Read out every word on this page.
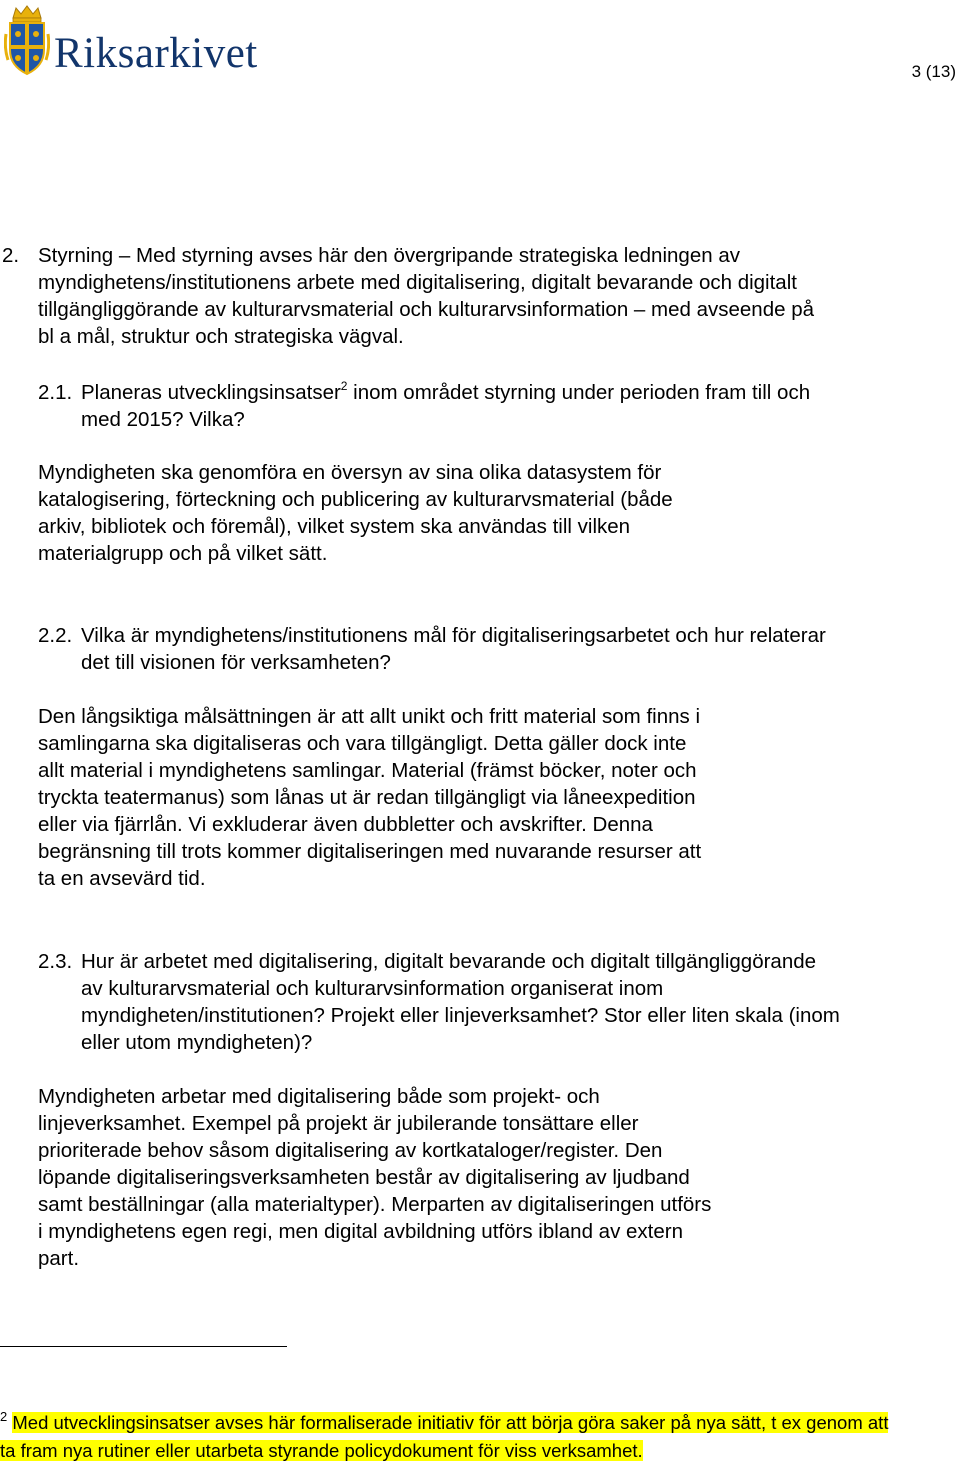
Riksarkivet	3 (13)
2. Styrning – Med styrning avses här den övergripande strategiska ledningen av
myndighetens/institutionens arbete med digitalisering, digitalt bevarande och digitalt
tillgängliggörande av kulturarvsmaterial och kulturarvsinformation – med avseende på
bl a mål, struktur och strategiska vägval.
2.1. Planeras utvecklingsinsatser$^2$ inom området styrning under perioden fram till och
med 2015? Vilka?
Myndigheten ska genomföra en översyn av sina olika datasystem för
katalogisering, förteckning och publicering av kulturarvsmaterial (både
arkiv, bibliotek och föremål), vilket system ska användas till vilken
materialgrupp och på vilket sätt.
2.2. Vilka är myndighetens/institutionens mål för digitaliseringsarbetet och hur relaterar
det till visionen för verksamheten?
Den långsiktiga målsättningen är att allt unikt och fritt material som finns i
samlingarna ska digitaliseras och vara tillgängligt. Detta gäller dock inte
allt material i myndighetens samlingar. Material (främst böcker, noter och
tryckta teatermanus) som lånas ut är redan tillgängligt via låneexpedition
eller via fjärrlån. Vi exkluderar även dubbletter och avskrifter. Denna
begränsning till trots kommer digitaliseringen med nuvarande resurser att
ta en avsevärd tid.
2.3. Hur är arbetet med digitalisering, digitalt bevarande och digitalt tillgängliggörande
av kulturarvsmaterial och kulturarvsinformation organiserat inom
myndigheten/institutionen? Projekt eller linjeverksamhet? Stor eller liten skala (inom
eller utom myndigheten)?
Myndigheten arbetar med digitalisering både som projekt- och
linjeverksamhet. Exempel på projekt är jubilerande tonsättare eller
prioriterade behov såsom digitalisering av kortkataloger/register. Den
löpande digitaliseringsverksamheten består av digitalisering av ljudband
samt beställningar (alla materialtyper). Merparten av digitaliseringen utförs
i myndighetens egen regi, men digital avbildning utförs ibland av extern
part.
$^2$ Med utvecklingsinsatser avses här formaliserade initiativ för att börja göra saker på nya sätt, t ex genom att
ta fram nya rutiner eller utarbeta styrande policydokument för viss verksamhet.
